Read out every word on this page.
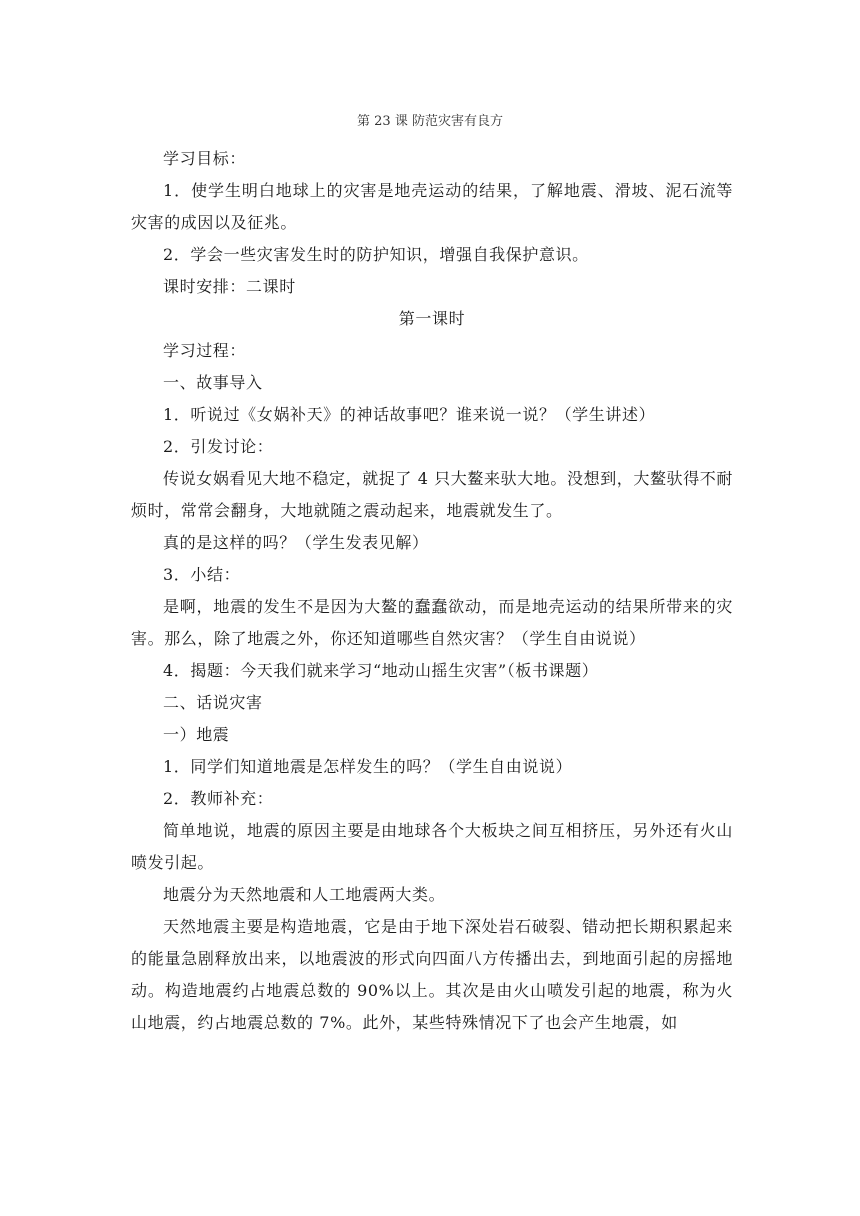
第 23 课 防范灾害有良方

学习目标：

1．使学生明白地球上的灾害是地壳运动的结果，了解地震、滑坡、泥石流等灾害的成因以及征兆。

2．学会一些灾害发生时的防护知识，增强自我保护意识。

课时安排：二课时

第一课时

学习过程：

一、故事导入

1．听说过《女娲补天》的神话故事吧？谁来说一说？（学生讲述）

2．引发讨论：

传说女娲看见大地不稳定，就捉了 4 只大鳌来驮大地。没想到，大鳌驮得不耐烦时，常常会翻身，大地就随之震动起来，地震就发生了。

真的是这样的吗？（学生发表见解）

3．小结：

是啊，地震的发生不是因为大鳌的蠢蠢欲动，而是地壳运动的结果所带来的灾害。那么，除了地震之外，你还知道哪些自然灾害？（学生自由说说）

4．揭题：今天我们就来学习“地动山摇生灾害”（板书课题）

二、话说灾害

一）地震

1．同学们知道地震是怎样发生的吗？（学生自由说说）

2．教师补充：

简单地说，地震的原因主要是由地球各个大板块之间互相挤压，另外还有火山喷发引起。

地震分为天然地震和人工地震两大类。

天然地震主要是构造地震，它是由于地下深处岩石破裂、错动把长期积累起来的能量急剧释放出来，以地震波的形式向四面八方传播出去，到地面引起的房摇地动。构造地震约占地震总数的 90%以上。其次是由火山喷发引起的地震，称为火山地震，约占地震总数的 7%。此外，某些特殊情况下了也会产生地震，如
